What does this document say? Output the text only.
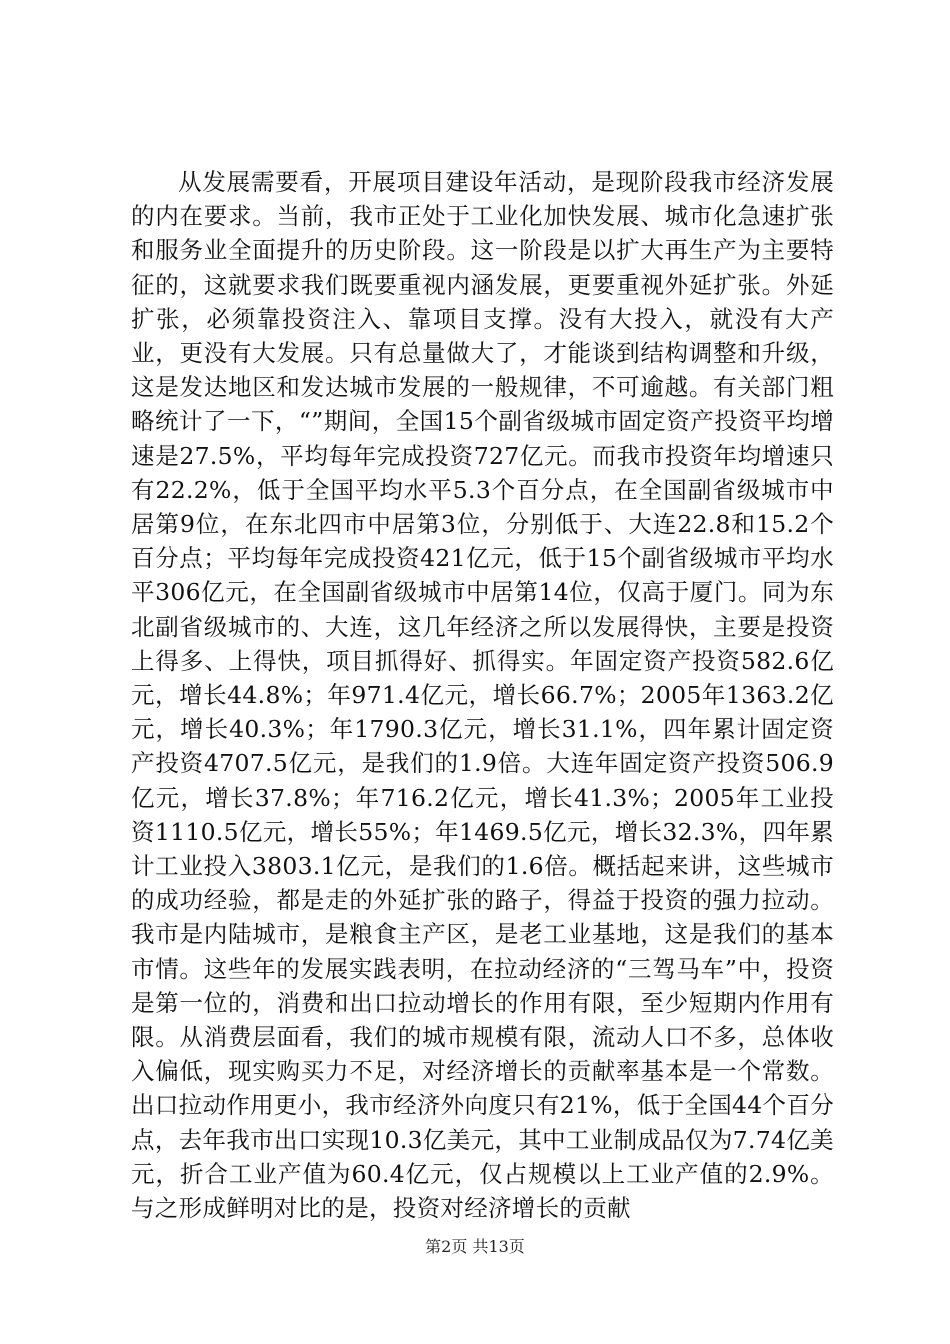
从发展需要看，开展项目建设年活动，是现阶段我市经济发展的内在要求。当前，我市正处于工业化加快发展、城市化急速扩张和服务业全面提升的历史阶段。这一阶段是以扩大再生产为主要特征的，这就要求我们既要重视内涵发展，更要重视外延扩张。外延扩张，必须靠投资注入、靠项目支撑。没有大投入，就没有大产业，更没有大发展。只有总量做大了，才能谈到结构调整和升级，这是发达地区和发达城市发展的一般规律，不可逾越。有关部门粗略统计了一下，“”期间，全国15个副省级城市固定资产投资平均增速是27.5%，平均每年完成投资727亿元。而我市投资年均增速只有22.2%，低于全国平均水平5.3个百分点，在全国副省级城市中居第9位，在东北四市中居第3位，分别低于、大连22.8和15.2个百分点；平均每年完成投资421亿元，低于15个副省级城市平均水平306亿元，在全国副省级城市中居第14位，仅高于厦门。同为东北副省级城市的、大连，这几年经济之所以发展得快，主要是投资上得多、上得快，项目抓得好、抓得实。年固定资产投资582.6亿元，增长44.8%；年971.4亿元，增长66.7%；2005年1363.2亿元，增长40.3%；年1790.3亿元，增长31.1%，四年累计固定资产投资4707.5亿元，是我们的1.9倍。大连年固定资产投资506.9亿元，增长37.8%；年716.2亿元，增长41.3%；2005年工业投资1110.5亿元，增长55%；年1469.5亿元，增长32.3%，四年累计工业投入3803.1亿元，是我们的1.6倍。概括起来讲，这些城市的成功经验，都是走的外延扩张的路子，得益于投资的强力拉动。我市是内陆城市，是粮食主产区，是老工业基地，这是我们的基本市情。这些年的发展实践表明，在拉动经济的“三驾马车”中，投资是第一位的，消费和出口拉动增长的作用有限，至少短期内作用有限。从消费层面看，我们的城市规模有限，流动人口不多，总体收入偏低，现实购买力不足，对经济增长的贡献率基本是一个常数。出口拉动作用更小，我市经济外向度只有21%，低于全国44个百分点，去年我市出口实现10.3亿美元，其中工业制成品仅为7.74亿美元，折合工业产值为60.4亿元，仅占规模以上工业产值的2.9%。与之形成鲜明对比的是，投资对经济增长的贡献

第2页 共13页
